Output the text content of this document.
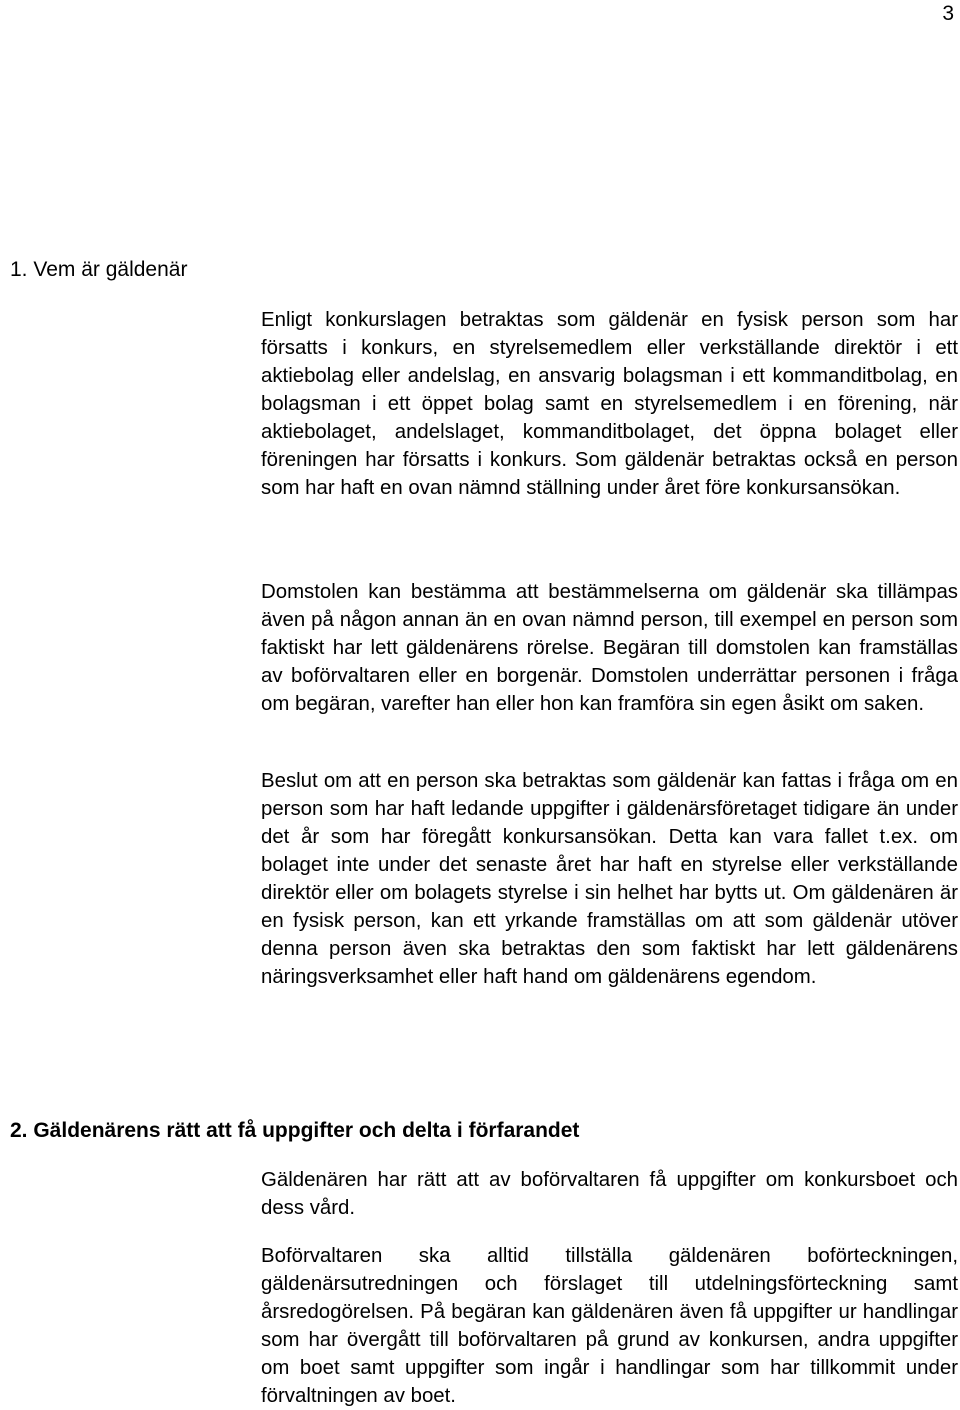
3
1. Vem är gäldenär

Enligt konkurslagen betraktas som gäldenär en fysisk person som har försatts i konkurs, en styrelsemedlem eller verkställande direktör i ett aktiebolag eller andelslag, en ansvarig bolagsman i ett kommanditbolag, en bolagsman i ett öppet bolag samt en styrelsemedlem i en förening, när aktiebolaget, andelslaget, kommanditbolaget, det öppna bolaget eller föreningen har försatts i konkurs. Som gäldenär betraktas också en person som har haft en ovan nämnd ställning under året före konkursansökan.

Domstolen kan bestämma att bestämmelserna om gäldenär ska tillämpas även på någon annan än en ovan nämnd person, till exempel en person som faktiskt har lett gäldenärens rörelse. Begäran till domstolen kan framställas av boförvaltaren eller en borgenär. Domstolen underrättar personen i fråga om begäran, varefter han eller hon kan framföra sin egen åsikt om saken.

Beslut om att en person ska betraktas som gäldenär kan fattas i fråga om en person som har haft ledande uppgifter i gäldenärsföretaget tidigare än under det år som har föregått konkursansökan. Detta kan vara fallet t.ex. om bolaget inte under det senaste året har haft en styrelse eller verkställande direktör eller om bolagets styrelse i sin helhet har bytts ut. Om gäldenären är en fysisk person, kan ett yrkande framställas om att som gäldenär utöver denna person även ska betraktas den som faktiskt har lett gäldenärens näringsverksamhet eller haft hand om gäldenärens egendom.

2. Gäldenärens rätt att få uppgifter och delta i förfarandet

Gäldenären har rätt att av boförvaltaren få uppgifter om konkursboet och dess vård.

Boförvaltaren ska alltid tillställa gäldenären boförteckningen, gäldenärsutredningen och förslaget till utdelningsförteckning samt årsredogörelsen. På begäran kan gäldenären även få uppgifter ur handlingar som har övergått till boförvaltaren på grund av konkursen, andra uppgifter om boet samt uppgifter som ingår i handlingar som har tillkommit under förvaltningen av boet.
